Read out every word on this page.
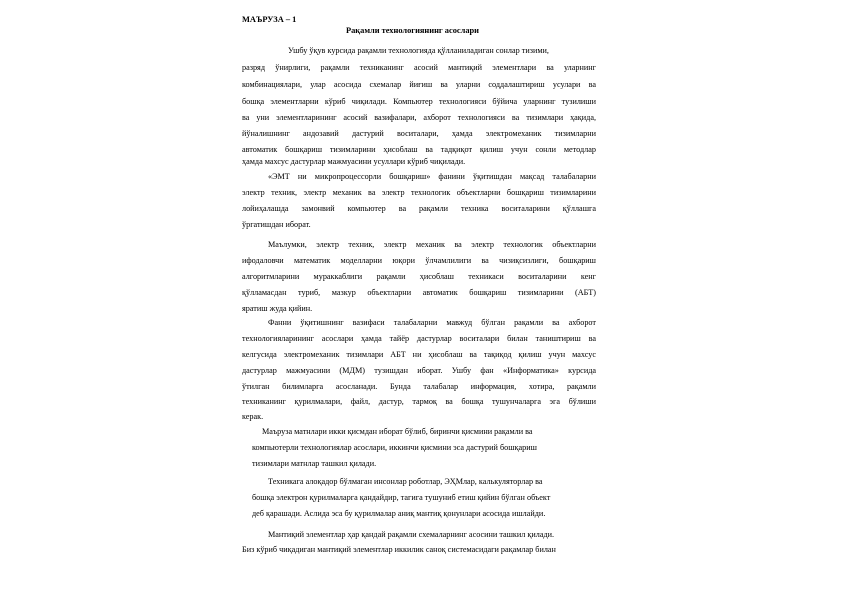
МАЪРУЗА – 1
Рақамли технологиянинг асослари
Ушбу ўқув курсида рақамли технологияда қўлланиладиган сонлар тизими,
разряд ўнирлиги, рақамли техниканинг асосий мантиқий элементлари ва уларнинг
комбинациялари, улар асосида схемалар йиғиш ва уларни соддалаштириш усулари ва
бошқа элементларни кўриб чиқилади. Компьютер технологияси бўйича уларнинг тузилиши
ва уни элементларининг асосий вазифалари, ахборот технологияси ва тизимлари ҳақида,
йўналишнинг андозавий дастурий воситалари, ҳамда электромеханик тизимларни
автоматик бошқариш тизимларини ҳисоблаш ва тадқиқот қилиш учун сонли методлар
ҳамда махсус дастурлар мажмуасини усуллари кўриб чиқилади.
«ЭМТ ни микропроцессорли бошқариш» фанини ўқитишдан мақсад талабаларни
электр техник, электр механик ва электр технологик объектларни бошқариш тизимларини
лойиҳалашда замонвий компьютер ва рақамли техника воситаларини қўллашга
ўргатишдан иборат.
Маълумки, электр техник, электр механик ва электр технологик объектларни
ифодаловчи математик моделларни юқори ўлчамлилиги ва чизиқсизлиги, бошқариш
алгоритмларини мураккаблиги рақамли ҳисоблаш техникаси воситаларини кенг
қўлламасдан туриб, мазкур объектларни автоматик бошқариш тизимларини (АБТ)
яратиш жуда қийин.
Фанни ўқитишнинг вазифаси талабаларни мавжуд бўлган рақамли ва ахборот
технологияларининг асослари ҳамда тайёр дастурлар воситалари билан таништириш ва
келгусида электромеханик тизимлари АБТ ни ҳисоблаш ва тақиқод қилиш учун махсус
дастурлар мажмуасини (МДМ) тузишдан иборат. Ушбу фан «Информатика» курсида
ўтилган билимларга асосланади. Бунда талабалар информация, хотира, рақамли
техниканинг қурилмалари, файл, дастур, тармоқ ва бошқа тушунчаларга эга бўлиши
керак.
Маъруза матнлари икки қисмдан иборат бўлиб, биринчи қисмини рақамли ва
компьютерли технологиялар асослари, иккинчи қисмини эса дастурий бошқариш
тизимлари матнлар ташкил қилади.
Техникага алоқадор бўлмаган инсонлар роботлар, ЭҲМлар, калькуляторлар ва
бошқа электрон қурилмаларга қандайдир, тагига тушуниб етиш қийин бўлган объект
деб қарашади. Аслида эса бу қурилмалар аниқ мантиқ қонунлари асосида ишлайди.
Мантиқий элементлар ҳар қандай рақамли схемаларнинг асосини ташкил қилади.
Биз кўриб чиқадиган мантиқий элементлар иккилик саноқ системасидаги рақамлар билан
